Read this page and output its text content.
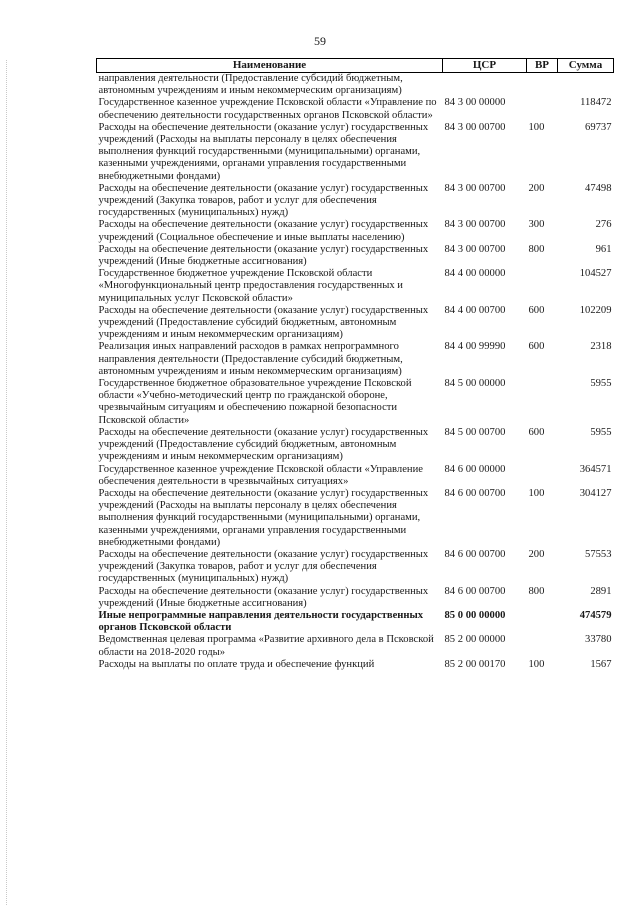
59
Наименование	ЦСР	ВР	Сумма
направления деятельности (Предоставление субсидий бюджетным, автономным учреждениям и иным некоммерческим организациям)			
Государственное казенное учреждение Псковской области «Управление по обеспечению деятельности государственных органов Псковской области»	84 3 00 00000		118472
Расходы на обеспечение деятельности (оказание услуг) государственных учреждений (Расходы на выплаты персоналу в целях обеспечения выполнения функций государственными (муниципальными) органами, казенными учреждениями, органами управления государственными внебюджетными фондами)	84 3 00 00700	100	69737
Расходы на обеспечение деятельности (оказание услуг) государственных учреждений (Закупка товаров, работ и услуг для обеспечения государственных (муниципальных) нужд)	84 3 00 00700	200	47498
Расходы на обеспечение деятельности (оказание услуг) государственных учреждений (Социальное обеспечение и иные выплаты населению)	84 3 00 00700	300	276
Расходы на обеспечение деятельности (оказание услуг) государственных учреждений (Иные бюджетные ассигнования)	84 3 00 00700	800	961
Государственное бюджетное учреждение Псковской области «Многофункциональный центр предоставления государственных и муниципальных услуг Псковской области»	84 4 00 00000		104527
Расходы на обеспечение деятельности (оказание услуг) государственных учреждений (Предоставление субсидий бюджетным, автономным учреждениям и иным некоммерческим организациям)	84 4 00 00700	600	102209
Реализация иных направлений расходов в рамках непрограммного направления деятельности (Предоставление субсидий бюджетным, автономным учреждениям и иным некоммерческим организациям)	84 4 00 99990	600	2318
Государственное бюджетное образовательное учреждение Псковской области «Учебно-методический центр по гражданской обороне, чрезвычайным ситуациям и обеспечению пожарной безопасности Псковской области»	84 5 00 00000		5955
Расходы на обеспечение деятельности (оказание услуг) государственных учреждений (Предоставление субсидий бюджетным, автономным учреждениям и иным некоммерческим организациям)	84 5 00 00700	600	5955
Государственное казенное учреждение Псковской области «Управление обеспечения деятельности в чрезвычайных ситуациях»	84 6 00 00000		364571
Расходы на обеспечение деятельности (оказание услуг) государственных учреждений (Расходы на выплаты персоналу в целях обеспечения выполнения функций государственными (муниципальными) органами, казенными учреждениями, органами управления государственными внебюджетными фондами)	84 6 00 00700	100	304127
Расходы на обеспечение деятельности (оказание услуг) государственных учреждений (Закупка товаров, работ и услуг для обеспечения государственных (муниципальных) нужд)	84 6 00 00700	200	57553
Расходы на обеспечение деятельности (оказание услуг) государственных учреждений (Иные бюджетные ассигнования)	84 6 00 00700	800	2891
Иные непрограммные направления деятельности государственных органов Псковской области	85 0 00 00000		474579
Ведомственная целевая программа «Развитие архивного дела в Псковской области на 2018-2020 годы»	85 2 00 00000		33780
Расходы на выплаты по оплате труда и обеспечение функций	85 2 00 00170	100	1567
